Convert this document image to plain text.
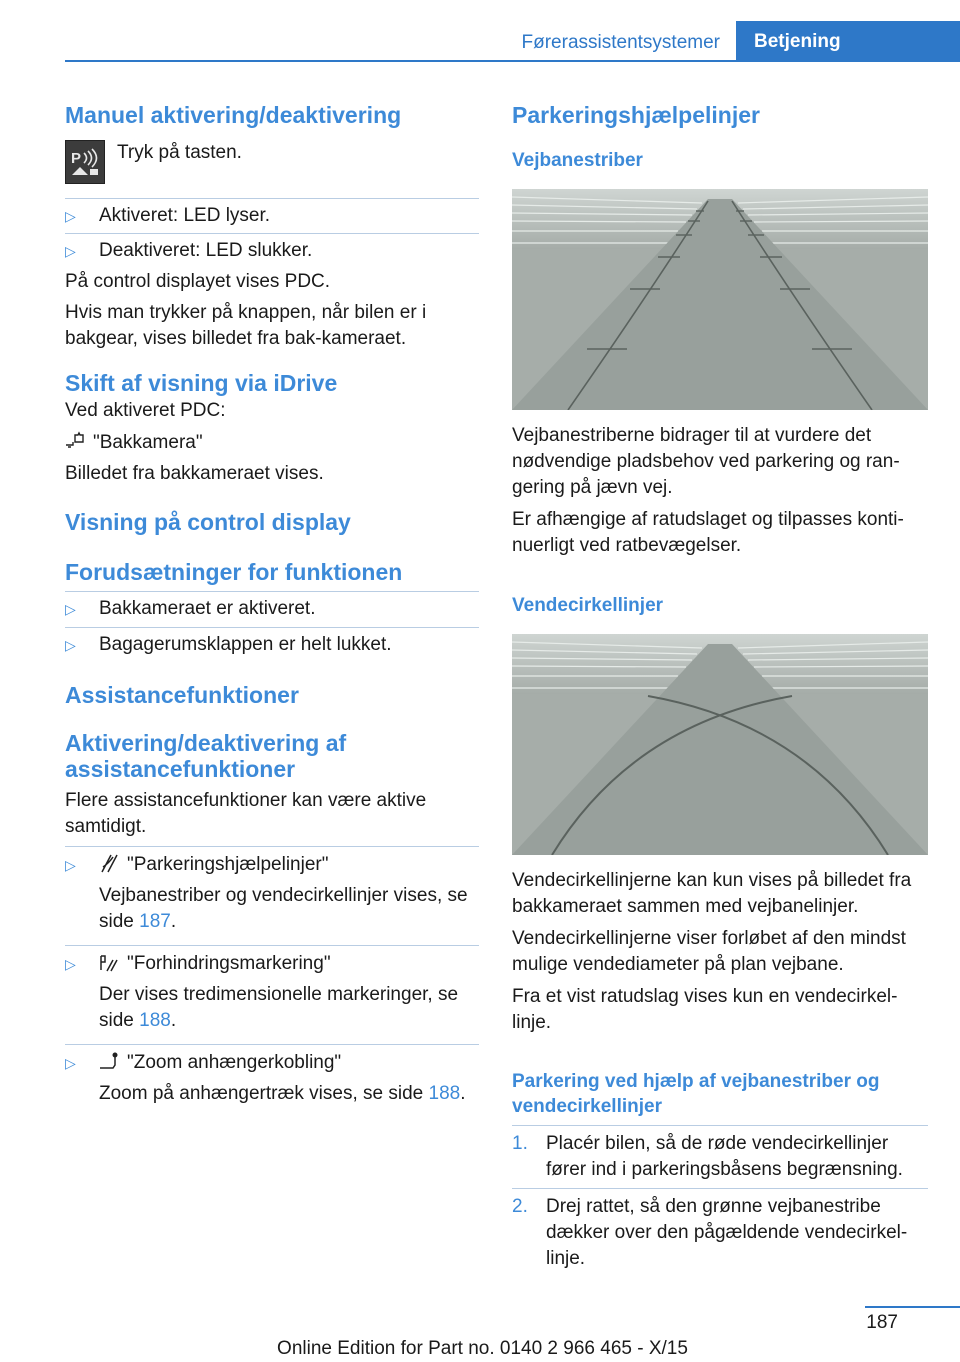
Førerassistentsystemer	Betjening
Manuel aktivering/deaktivering
P Tryk på tasten.
▷ Aktiveret: LED lyser.
▷ Deaktiveret: LED slukker.

På control displayet vises PDC.

Hvis man trykker på knappen, når bilen er i bakgear, vises billedet fra bak-kameraet.

Skift af visning via iDrive

Ved aktiveret PDC:

"Bakkamera"

Billedet fra bakkameraet vises.

Visning på control display
Forudsætninger for funktionen
▷ Bakkameraet er aktiveret.
▷ Bagagerumsklappen er helt lukket.
Assistancefunktioner
Aktivering/deaktivering af assistancefunktioner

Flere assistancefunktioner kan være aktive samtidigt.

▷	"Parkeringshjælpelinjer"

Vejbanestriber og vendecirkellinjer vises, se side 187.

▷	"Forhindringsmarkering"

Der vises tredimensionelle markeringer, se side 188.

▷	"Zoom anhængerkobling"

Zoom på anhængertræk vises, se side 188.

Parkeringshjælpelinjer
Vejbanestriber

Vejbanestriberne bidrager til at vurdere det nødvendige pladsbehov ved parkering og ran-gering på jævn vej.

Er afhængige af ratudslaget og tilpasses konti-nuerligt ved ratbevægelser.

Vendecirkellinjer

Vendecirkellinjerne kan kun vises på billedet fra bakkameraet sammen med vejbanelinjer.

Vendecirkellinjerne viser forløbet af den mindst mulige vendediameter på plan vejbane.

Fra et vist ratudslag vises kun en vendecirkel-linje.

Parkering ved hjælp af vejbanestriber og vendecirkellinjer
1. Placér bilen, så de røde vendecirkellinjer fører ind i parkeringsbåsens begrænsning.
2. Drej rattet, så den grønne vejbanestribe dækker over den pågældende vendecirkel-linje.
187
Online Edition for Part no. 0140 2 966 465 - X/15
